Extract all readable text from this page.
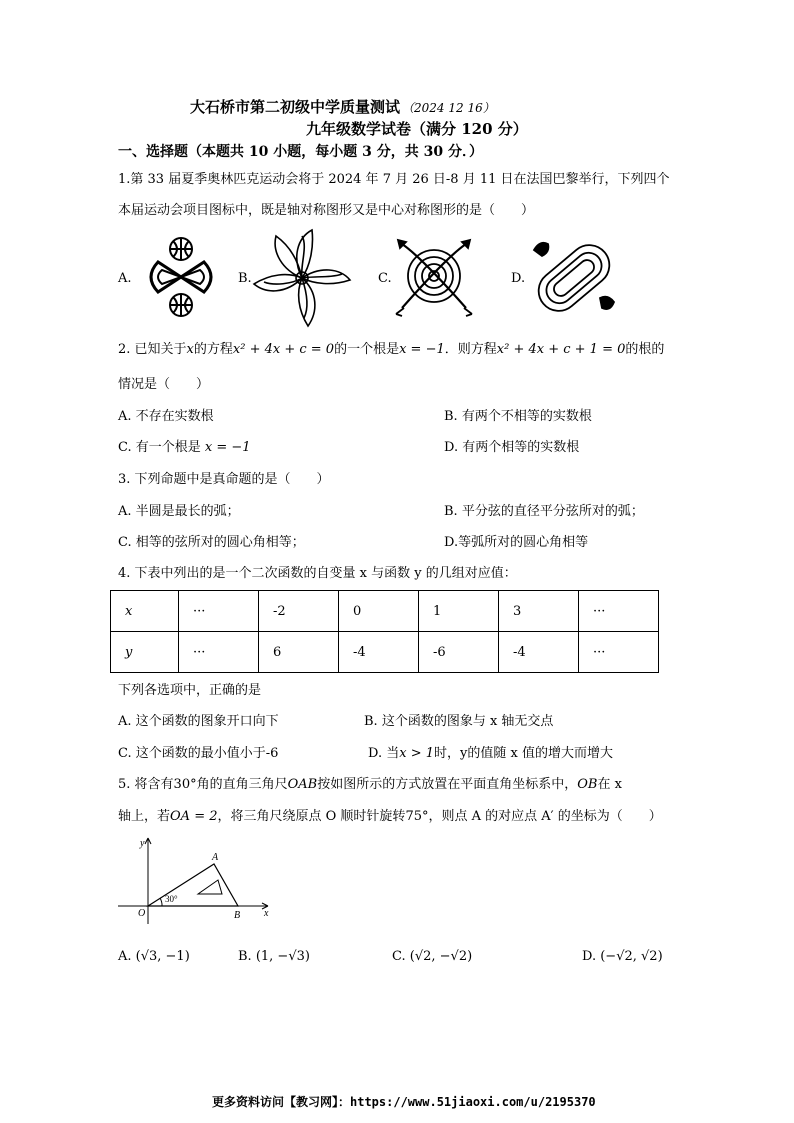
大石桥市第二初级中学质量测试 （2024 12 16）
九年级数学试卷（满分 120 分）
一、选择题（本题共 10 小题，每小题 3 分，共 30 分．）
1.第 33 届夏季奥林匹克运动会将于 2024 年 7 月 26 日-8 月 11 日在法国巴黎举行，下列四个
本届运动会项目图标中，既是轴对称图形又是中心对称图形的是（　　）
A.	B.	C.	D.
2. 已知关于x的方程x² + 4x + c = 0的一个根是x = −1．则方程x² + 4x + c + 1 = 0的根的
情况是（　　）
A. 不存在实数根	B. 有两个不相等的实数根
C. 有一个根是 x = −1	D. 有两个相等的实数根
3. 下列命题中是真命题的是（　　）
A. 半圆是最长的弧；	B. 平分弦的直径平分弦所对的弧；
C. 相等的弦所对的圆心角相等；	D.等弧所对的圆心角相等
4. 下表中列出的是一个二次函数的自变量 x 与函数 y 的几组对应值：
x	···	-2	0	1	3	···
y	···	6	-4	-6	-4	···
下列各选项中，正确的是
A. 这个函数的图象开口向下	B. 这个函数的图象与 x 轴无交点
C. 这个函数的最小值小于-6	D. 当x > 1时，y的值随 x 值的增大而增大
5. 将含有30°角的直角三角尺OAB按如图所示的方式放置在平面直角坐标系中，OB在 x
轴上，若OA = 2，将三角尺绕原点 O 顺时针旋转75°，则点 A 的对应点 A′ 的坐标为（　　）
y
x
O
A
B
30°
A. (√3, −1)	B. (1, −√3)	C. (√2, −√2)	D. (−√2, √2)
更多资料访问【教习网】：https://www.51jiaoxi.com/u/2195370
